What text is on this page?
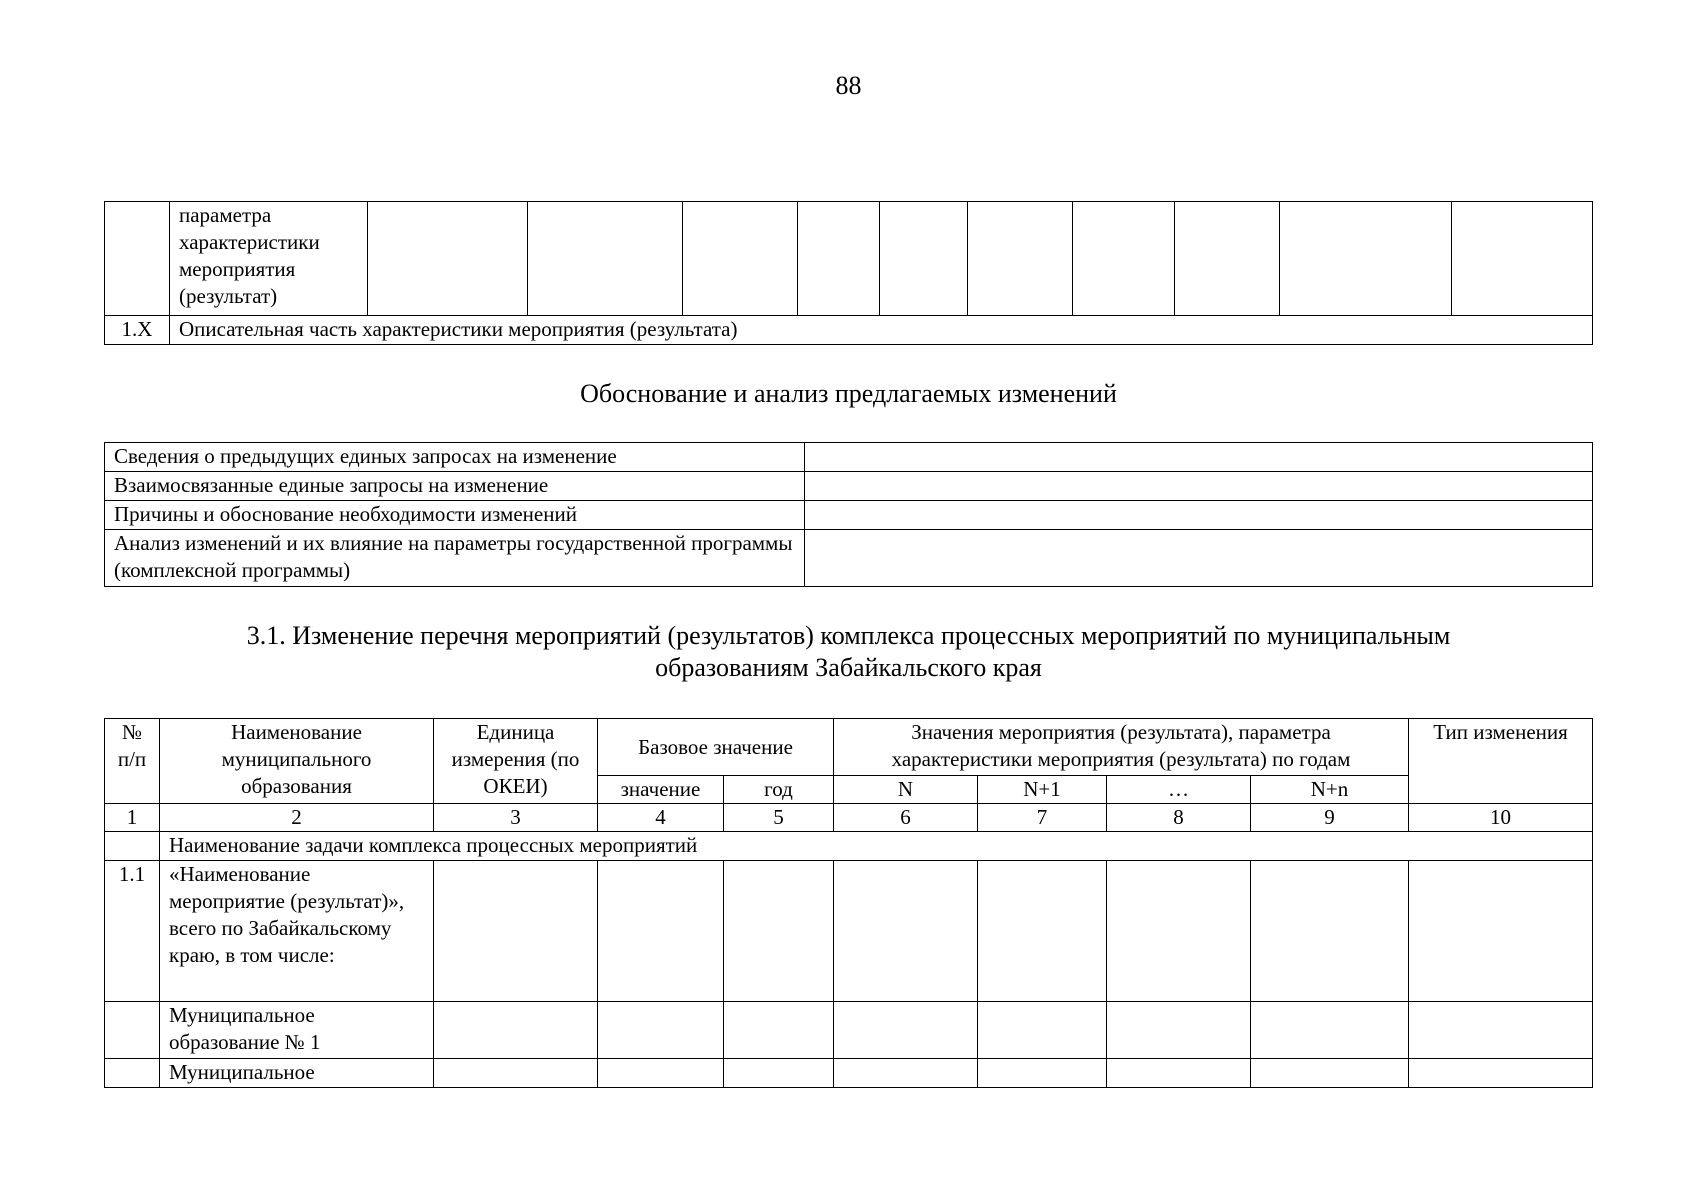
88
	параметра характеристики мероприятия (результат)										
1.X	Описательная часть характеристики мероприятия (результата)										
Обоснование и анализ предлагаемых изменений
Сведения о предыдущих единых запросах на изменение	
Взаимосвязанные единые запросы на изменение	
Причины и обоснование необходимости изменений	
Анализ изменений и их влияние на параметры государственной программы (комплексной программы)	
3.1. Изменение перечня мероприятий (результатов) комплекса процессных мероприятий по муниципальным
образованиям Забайкальского края
№ п/п	Наименование муниципального образования	Единица измерения (по ОКЕИ)	Базовое значение		Значения мероприятия (результата), параметра характеристики мероприятия (результата) по годам				Тип изменения
			значение	год	N	N+1	…	N+n	
1	2	3	4	5	6	7	8	9	10
	Наименование задачи комплекса процессных мероприятий								
1.1	«Наименование мероприятие (результат)», всего по Забайкальскому краю, в том числе:								
	Муниципальное образование № 1								
	Муниципальное								
